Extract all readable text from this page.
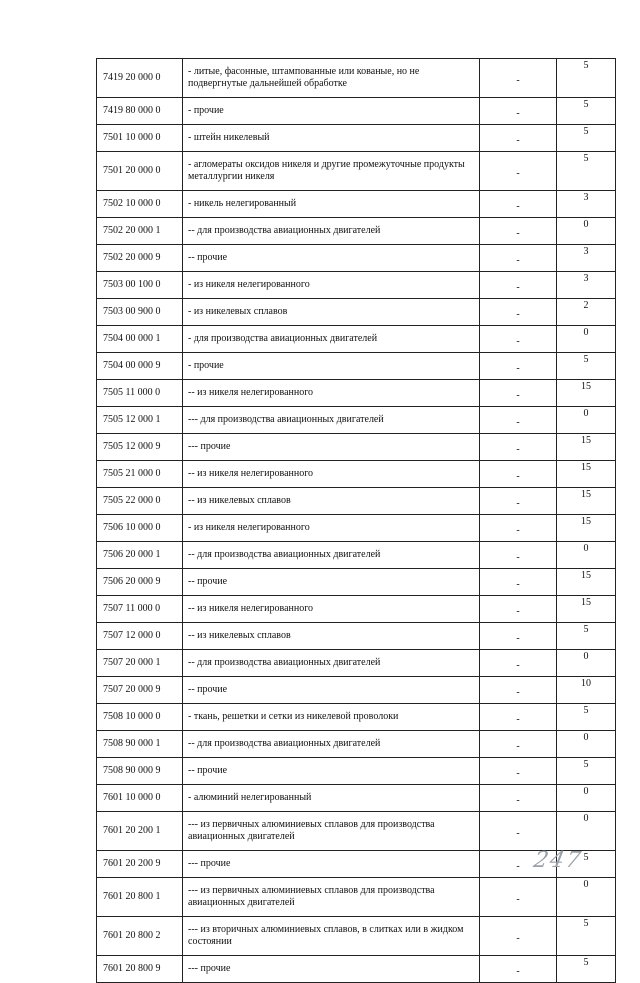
7419 20 000 0	- литые, фасонные, штампованные или кованые, но не подвергнутые дальнейшей обработке	-	5
7419 80 000 0	- прочие	-	5
7501 10 000 0	- штейн никелевый	-	5
7501 20 000 0	- агломераты оксидов никеля и другие промежуточные продукты металлургии никеля	-	5
7502 10 000 0	- никель нелегированный	-	3
7502 20 000 1	-- для производства авиационных двигателей	-	0
7502 20 000 9	-- прочие	-	3
7503 00 100 0	- из никеля нелегированного	-	3
7503 00 900 0	- из никелевых сплавов	-	2
7504 00 000 1	- для производства авиационных двигателей	-	0
7504 00 000 9	- прочие	-	5
7505 11 000 0	-- из никеля нелегированного	-	15
7505 12 000 1	--- для производства авиационных двигателей	-	0
7505 12 000 9	--- прочие	-	15
7505 21 000 0	-- из никеля нелегированного	-	15
7505 22 000 0	-- из никелевых сплавов	-	15
7506 10 000 0	- из никеля нелегированного	-	15
7506 20 000 1	-- для производства авиационных двигателей	-	0
7506 20 000 9	-- прочие	-	15
7507 11 000 0	-- из никеля нелегированного	-	15
7507 12 000 0	-- из никелевых сплавов	-	5
7507 20 000 1	-- для производства авиационных двигателей	-	0
7507 20 000 9	-- прочие	-	10
7508 10 000 0	- ткань, решетки и сетки из никелевой проволоки	-	5
7508 90 000 1	-- для производства авиационных двигателей	-	0
7508 90 000 9	-- прочие	-	5
7601 10 000 0	- алюминий нелегированный	-	0
7601 20 200 1	--- из первичных алюминиевых сплавов для производства авиационных двигателей	-	0
7601 20 200 9	--- прочие	-	5
7601 20 800 1	--- из первичных алюминиевых сплавов для производства авиационных двигателей	-	0
7601 20 800 2	--- из вторичных алюминиевых сплавов, в слитках или в жидком состоянии	-	5
7601 20 800 9	--- прочие	-	5
247
